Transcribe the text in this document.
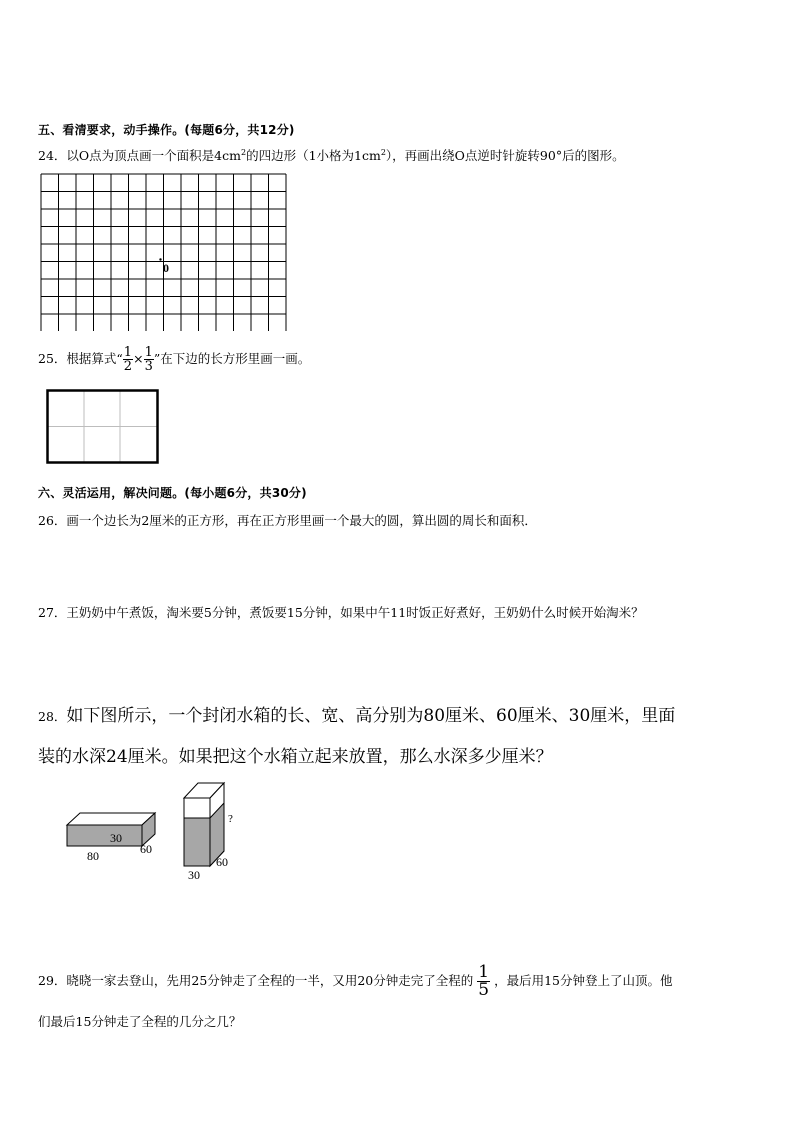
五、看清要求，动手操作。(每题6分，共12分)
24．以O点为顶点画一个面积是$4cm^2$的四边形（1小格为$1cm^2$），再画出绕O点逆时针旋转90°后的图形。
0
25．根据算式“ $\frac{1}{2} \times \frac{1}{3}$ ”在下边的长方形里画一画。
六、灵活运用，解决问题。(每小题6分，共30分)
26．画一个边长为2厘米的正方形，再在正方形里画一个最大的圆，算出圆的周长和面积．
27．王奶奶中午煮饭，淘米要5分钟，煮饭要15分钟，如果中午11时饭正好煮好，王奶奶什么时候开始淘米？
28．如下图所示，一个封闭水箱的长、宽、高分别为80厘米、60厘米、30厘米，里面
装的水深24厘米。如果把这个水箱立起来放置，那么水深多少厘米？
30
80	60
?
60
30
29．晓晓一家去登山，先用25分钟走了全程的一半，又用20分钟走完了全程的 $\frac{1}{5}$ ，最后用15分钟登上了山顶。他
们最后15分钟走了全程的几分之几？
